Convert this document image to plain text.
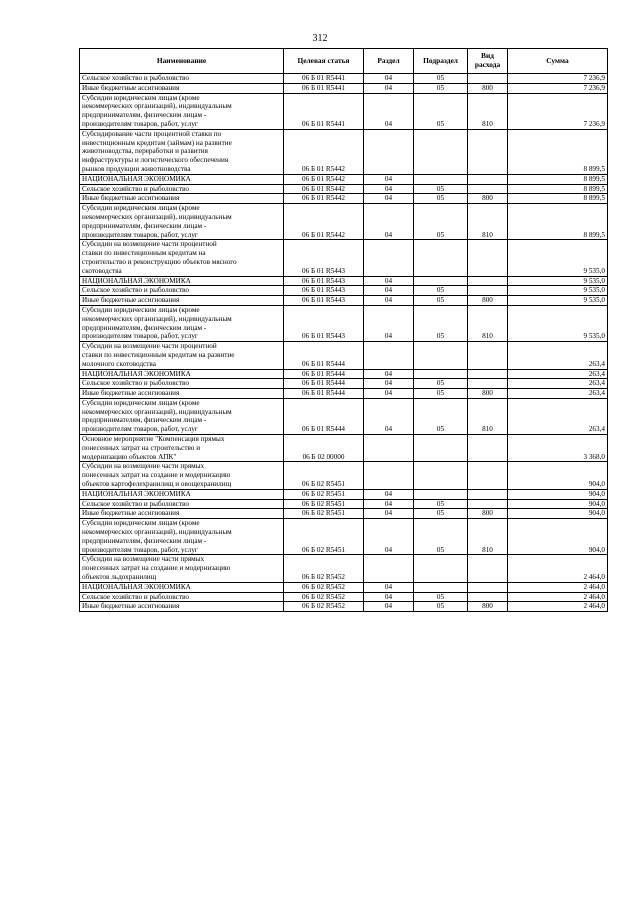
312
Наименование	Целевая статья	Раздел	Подраздел	Вид расхода	Сумма

Сельское хозяйство и рыболовство	06 Б 01 R5441	04	05		7 236,9

Иные бюджетные ассигнования	06 Б 01 R5441	04	05	800	7 236,9

Субсидии юридическим лицам (кроме
некоммерческих организаций), индивидуальным
предпринимателям, физическим лицам -
производителям товаров, работ, услуг	06 Б 01 R5441	04	05	810	7 236,9

Субсидирование части процентной ставки по
инвестиционным кредитам (займам) на развитие
животноводства, переработки и развития
инфраструктуры и логистического обеспечения
рынков продукции животноводства	06 Б 01 R5442				8 899,5

НАЦИОНАЛЬНАЯ ЭКОНОМИКА	06 Б 01 R5442	04			8 899,5

Сельское хозяйство и рыболовство	06 Б 01 R5442	04	05		8 899,5

Иные бюджетные ассигнования	06 Б 01 R5442	04	05	800	8 899,5

Субсидии юридическим лицам (кроме
некоммерческих организаций), индивидуальным
предпринимателям, физическим лицам -
производителям товаров, работ, услуг	06 Б 01 R5442	04	05	810	8 899,5

Субсидии на возмещение части процентной
ставки по инвестиционным кредитам на
строительство и реконструкцию объектов мясного
скотоводства	06 Б 01 R5443				9 535,0

НАЦИОНАЛЬНАЯ ЭКОНОМИКА	06 Б 01 R5443	04			9 535,0

Сельское хозяйство и рыболовство	06 Б 01 R5443	04	05		9 535,0

Иные бюджетные ассигнования	06 Б 01 R5443	04	05	800	9 535,0

Субсидии юридическим лицам (кроме
некоммерческих организаций), индивидуальным
предпринимателям, физическим лицам -
производителям товаров, работ, услуг	06 Б 01 R5443	04	05	810	9 535,0

Субсидии на возмещение части процентной
ставки по инвестиционным кредитам на развитие
молочного скотоводства	06 Б 01 R5444				263,4

НАЦИОНАЛЬНАЯ ЭКОНОМИКА	06 Б 01 R5444	04			263,4

Сельское хозяйство и рыболовство	06 Б 01 R5444	04	05		263,4

Иные бюджетные ассигнования	06 Б 01 R5444	04	05	800	263,4

Субсидии юридическим лицам (кроме
некоммерческих организаций), индивидуальным
предпринимателям, физическим лицам -
производителям товаров, работ, услуг	06 Б 01 R5444	04	05	810	263,4

Основное мероприятие "Компенсация прямых
понесенных затрат на строительство и
модернизацию объектов АПК"	06 Б 02 00000				3 368,0

Субсидии на возмещение части прямых
понесенных затрат на создание и модернизацию
объектов картофелехранилищ и овощехранилищ	06 Б 02 R5451				904,0

НАЦИОНАЛЬНАЯ ЭКОНОМИКА	06 Б 02 R5451	04			904,0

Сельское хозяйство и рыболовство	06 Б 02 R5451	04	05		904,0

Иные бюджетные ассигнования	06 Б 02 R5451	04	05	800	904,0

Субсидии юридическим лицам (кроме
некоммерческих организаций), индивидуальным
предпринимателям, физическим лицам -
производителям товаров, работ, услуг	06 Б 02 R5451	04	05	810	904,0

Субсидии на возмещение части прямых
понесенных затрат на создание и модернизацию
объектов льдохранилищ	06 Б 02 R5452				2 464,0

НАЦИОНАЛЬНАЯ ЭКОНОМИКА	06 Б 02 R5452	04			2 464,0

Сельское хозяйство и рыболовство	06 Б 02 R5452	04	05		2 464,0

Иные бюджетные ассигнования	06 Б 02 R5452	04	05	800	2 464,0
